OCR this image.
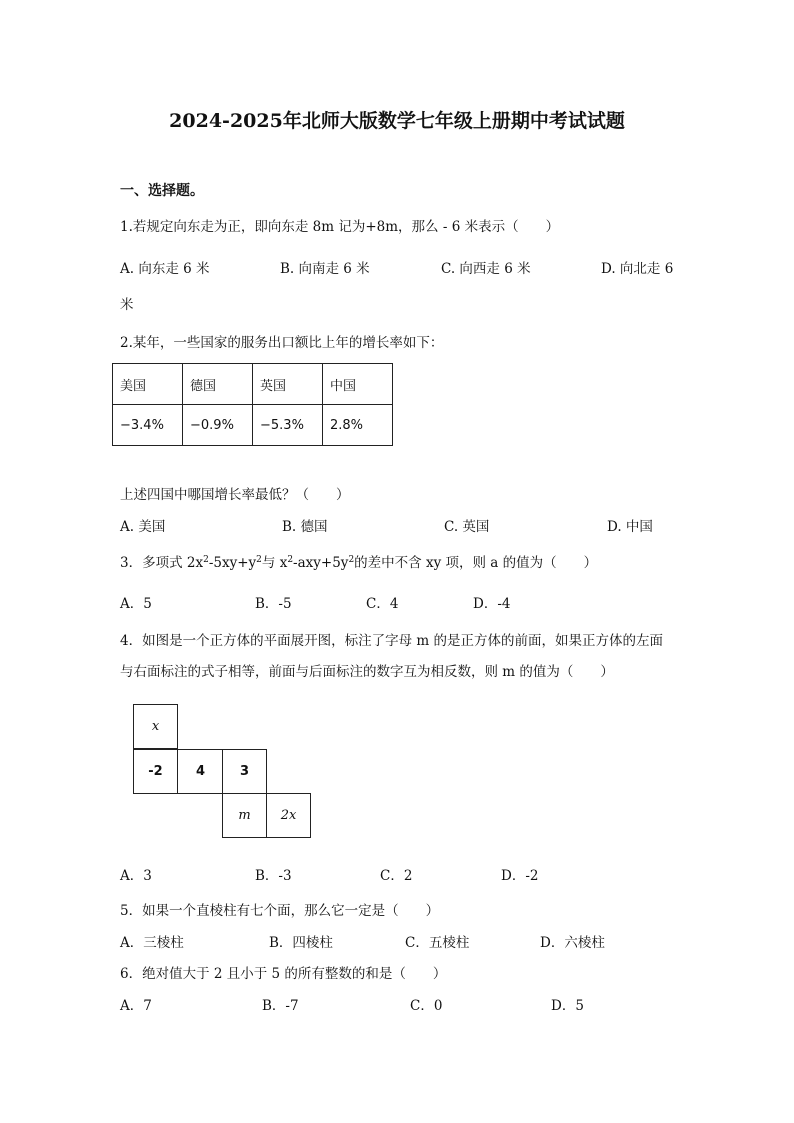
2024-2025年北师大版数学七年级上册期中考试试题
一、选择题。
1.若规定向东走为正，即向东走 8m 记为+8m，那么 - 6 米表示（　　）
A. 向东走 6 米	B. 向南走 6 米	C. 向西走 6 米	D. 向北走 6
米
2.某年，一些国家的服务出口额比上年的增长率如下：
美国	德国	英国	中国
−3.4%	−0.9%	−5.3%	2.8%
上述四国中哪国增长率最低？（　　）
A. 美国	B. 德国	C. 英国	D. 中国
3．多项式 $2x^2-5xy+y^2$与 $x^2-axy+5y^2$的差中不含 xy 项，则 a 的值为（　　）
A．5	B．-5	C．4	D．-4
4．如图是一个正方体的平面展开图，标注了字母 m 的是正方体的前面，如果正方体的左面
与右面标注的式子相等，前面与后面标注的数字互为相反数，则 m 的值为（　　）
x
-2	4	3
m	2x
A．3	B．-3	C．2	D．-2
5．如果一个直棱柱有七个面，那么它一定是（　　）
A．三棱柱	B．四棱柱	C．五棱柱	D．六棱柱
6．绝对值大于 2 且小于 5 的所有整数的和是（　　）
A．7	B．-7	C．0	D．5
